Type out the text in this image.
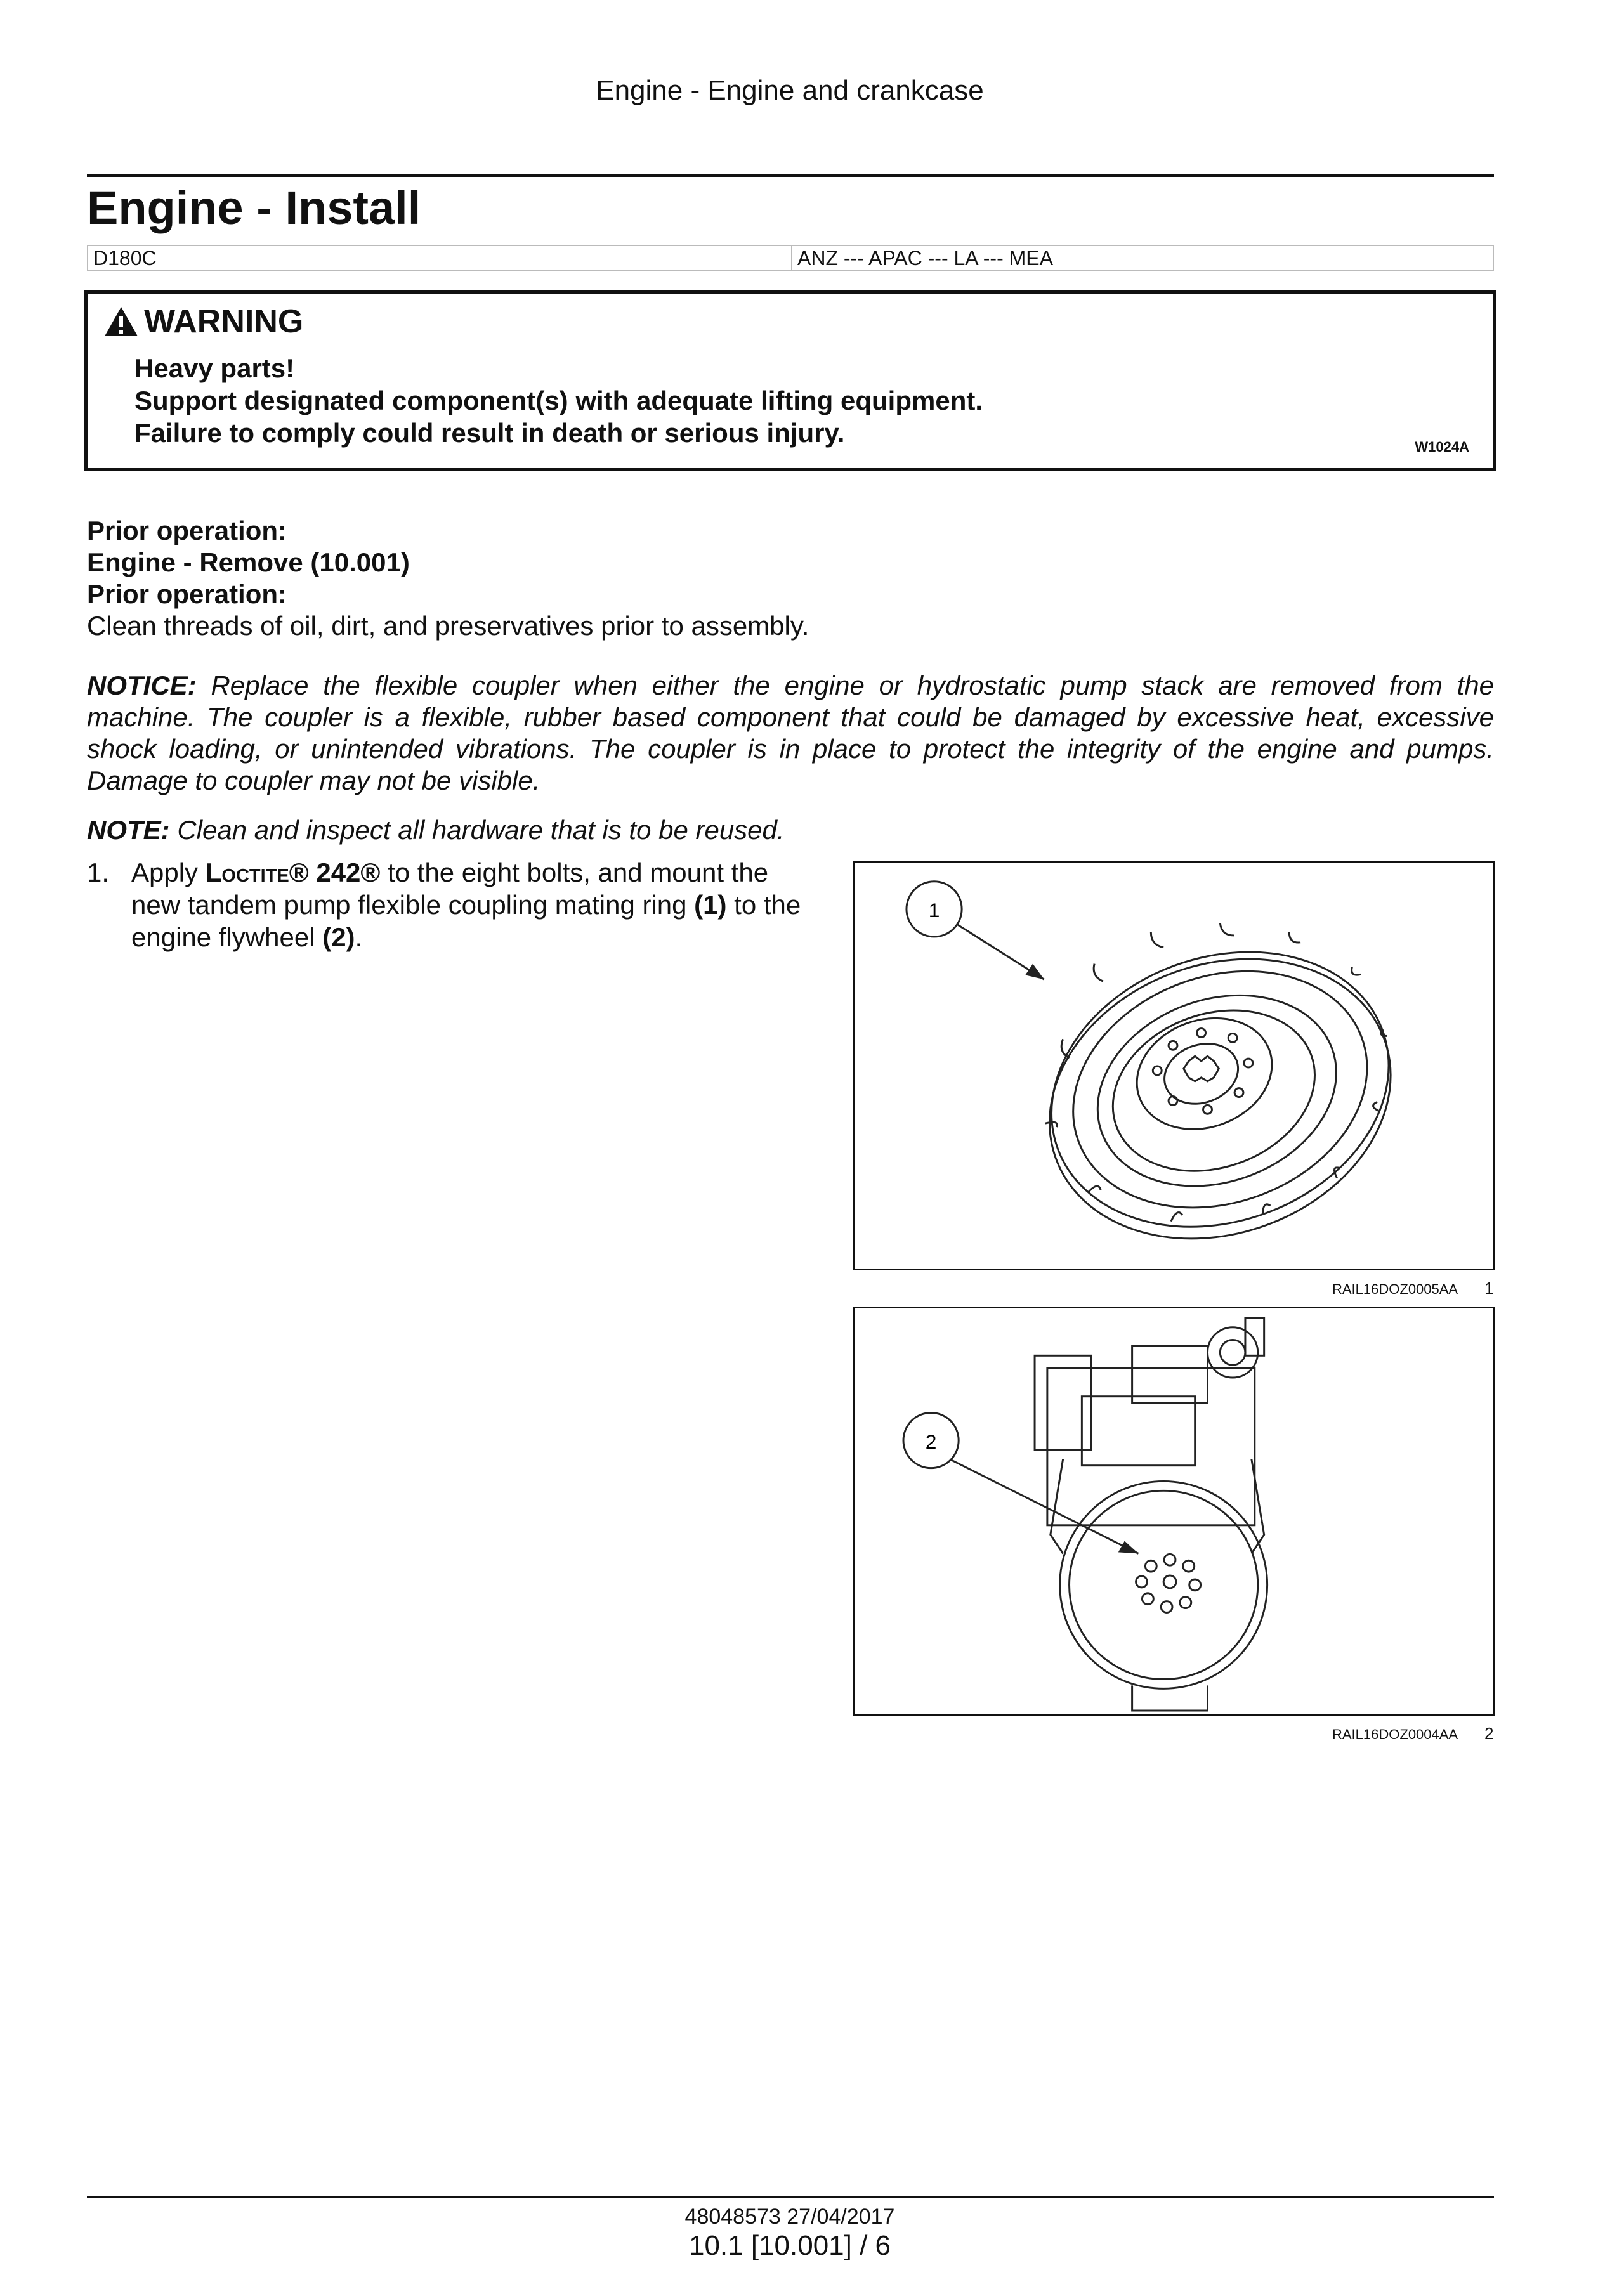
Engine - Engine and crankcase
Engine - Install
D180C	ANZ --- APAC --- LA --- MEA
WARNING
Heavy parts!
Support designated component(s) with adequate lifting equipment.
Failure to comply could result in death or serious injury.	W1024A
Prior operation:
Engine - Remove (10.001)
Prior operation:
Clean threads of oil, dirt, and preservatives prior to assembly.
NOTICE: Replace the flexible coupler when either the engine or hydrostatic pump stack are removed from the machine. The coupler is a flexible, rubber based component that could be damaged by excessive heat, excessive shock loading, or unintended vibrations. The coupler is in place to protect the integrity of the engine and pumps. Damage to coupler may not be visible.
NOTE: Clean and inspect all hardware that is to be reused.
1. Apply Loctite® 242® to the eight bolts, and mount the new tandem pump flexible coupling mating ring (1) to the engine flywheel (2).
1
RAIL16DOZ0005AA 1
2
RAIL16DOZ0004AA 2
48048573 27/04/2017
10.1 [10.001] / 6
